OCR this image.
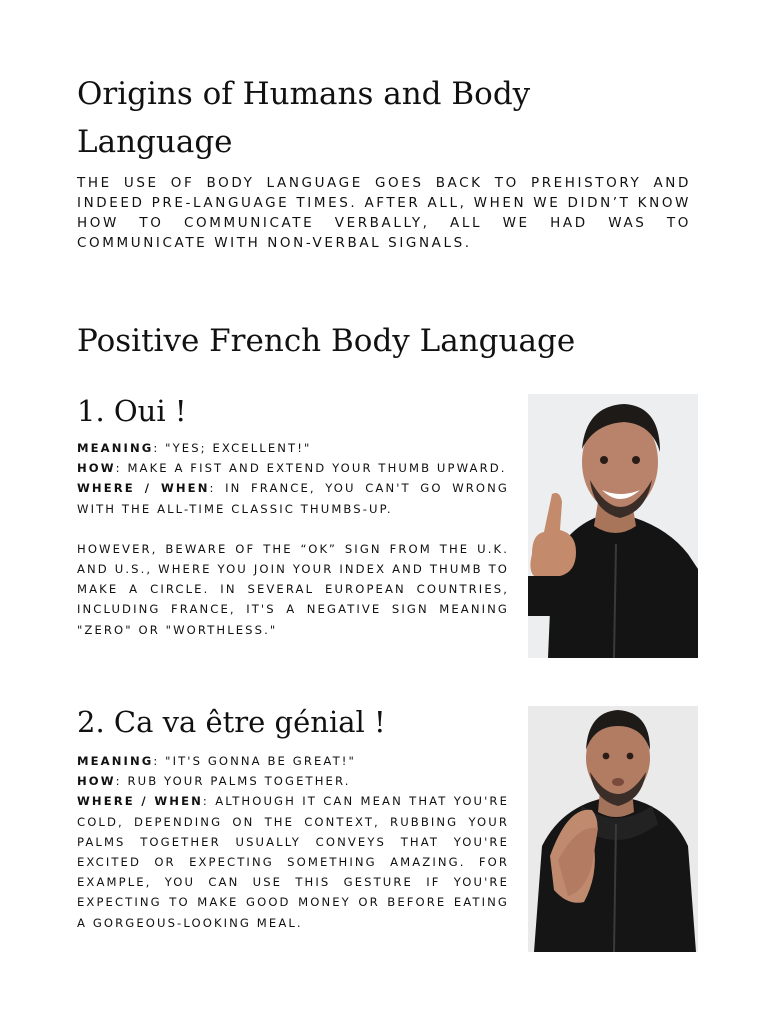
Origins of Humans and Body Language

THE USE OF BODY LANGUAGE GOES BACK TO PREHISTORY AND INDEED PRE-LANGUAGE TIMES. AFTER ALL, WHEN WE DIDN’T KNOW HOW TO COMMUNICATE VERBALLY, ALL WE HAD WAS TO COMMUNICATE WITH NON-VERBAL SIGNALS.

Positive French Body Language
1. Oui !
MEANING: "YES; EXCELLENT!"
HOW: MAKE A FIST AND EXTEND YOUR THUMB UPWARD.
WHERE / WHEN: IN FRANCE, YOU CAN'T GO WRONG WITH THE ALL-TIME CLASSIC THUMBS-UP.
HOWEVER, BEWARE OF THE “OK” SIGN FROM THE U.K. AND U.S., WHERE YOU JOIN YOUR INDEX AND THUMB TO MAKE A CIRCLE. IN SEVERAL EUROPEAN COUNTRIES, INCLUDING FRANCE, IT'S A NEGATIVE SIGN MEANING "ZERO" OR "WORTHLESS."
2. Ca va être génial !
MEANING: "IT'S GONNA BE GREAT!"
HOW: RUB YOUR PALMS TOGETHER.
WHERE / WHEN: ALTHOUGH IT CAN MEAN THAT YOU'RE COLD, DEPENDING ON THE CONTEXT, RUBBING YOUR PALMS TOGETHER USUALLY CONVEYS THAT YOU'RE EXCITED OR EXPECTING SOMETHING AMAZING. FOR EXAMPLE, YOU CAN USE THIS GESTURE IF YOU'RE EXPECTING TO MAKE GOOD MONEY OR BEFORE EATING A GORGEOUS-LOOKING MEAL.
